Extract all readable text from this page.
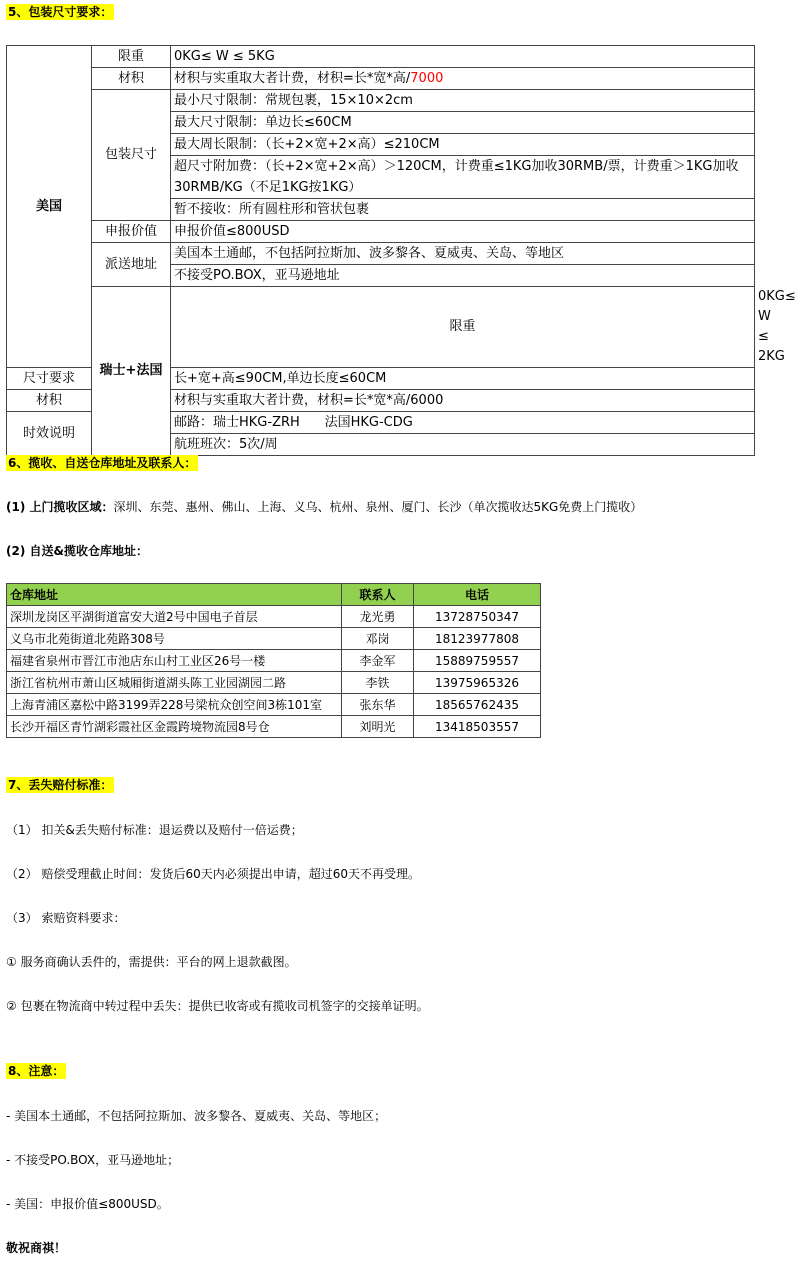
5、包装尺寸要求：
美国	限重	0KG≤ W ≤ 5KG	
	材积	材积与实重取大者计费，材积=长*宽*高/7000	
	包装尺寸	最小尺寸限制：常规包裹，15×10×2cm	
		最大尺寸限制：单边长≤60CM	
		最大周长限制：（长+2×宽+2×高）≤210CM	
		超尺寸附加费：（长+2×宽+2×高）＞120CM，计费重≤1KG加收30RMB/票，计费重＞1KG加收30RMB/KG（不足1KG按1KG）	
		暂不接收：所有圆柱形和管状包裹	
	申报价值	申报价值≤800USD	
	派送地址	美国本土通邮，不包括阿拉斯加、波多黎各、夏威夷、关岛、等地区	
		不接受PO.BOX，亚马逊地址	
	瑞士+法国	限重	0KG≤ W ≤ 2KG
尺寸要求		长+宽+高≤90CM,单边长度≤60CM	
材积		材积与实重取大者计费，材积=长*宽*高/6000	
时效说明		邮路：瑞士HKG-ZRH      法国HKG-CDG	
		航班班次：5次/周	
6、揽收、自送仓库地址及联系人：
(1) 上门揽收区域：深圳、东莞、惠州、佛山、上海、义乌、杭州、泉州、厦门、长沙（单次揽收达5KG免费上门揽收）
(2) 自送&揽收仓库地址：
仓库地址	联系人	电话
深圳龙岗区平湖街道富安大道2号中国电子首层	龙光勇	13728750347
义乌市北苑街道北苑路308号	邓岗	18123977808
福建省泉州市晋江市池店东山村工业区26号一楼	李金军	15889759557
浙江省杭州市萧山区城厢街道湖头陈工业园湖园二路	李铁	13975965326
上海青浦区嘉松中路3199弄228号梁杭众创空间3栋101室	张东华	18565762435
长沙开福区青竹湖彩霞社区金霞跨境物流园8号仓	刘明光	13418503557
7、丢失赔付标准：
（1） 扣关&丢失赔付标准：退运费以及赔付一倍运费；
（2） 赔偿受理截止时间：发货后60天内必须提出申请，超过60天不再受理。
（3） 索赔资料要求：
① 服务商确认丢件的，需提供：平台的网上退款截图。
② 包裹在物流商中转过程中丢失：提供已收寄或有揽收司机签字的交接单证明。
8、注意：
- 美国本土通邮，不包括阿拉斯加、波多黎各、夏威夷、关岛、等地区；
- 不接受PO.BOX，亚马逊地址；
- 美国：申报价值≤800USD。
敬祝商祺！
